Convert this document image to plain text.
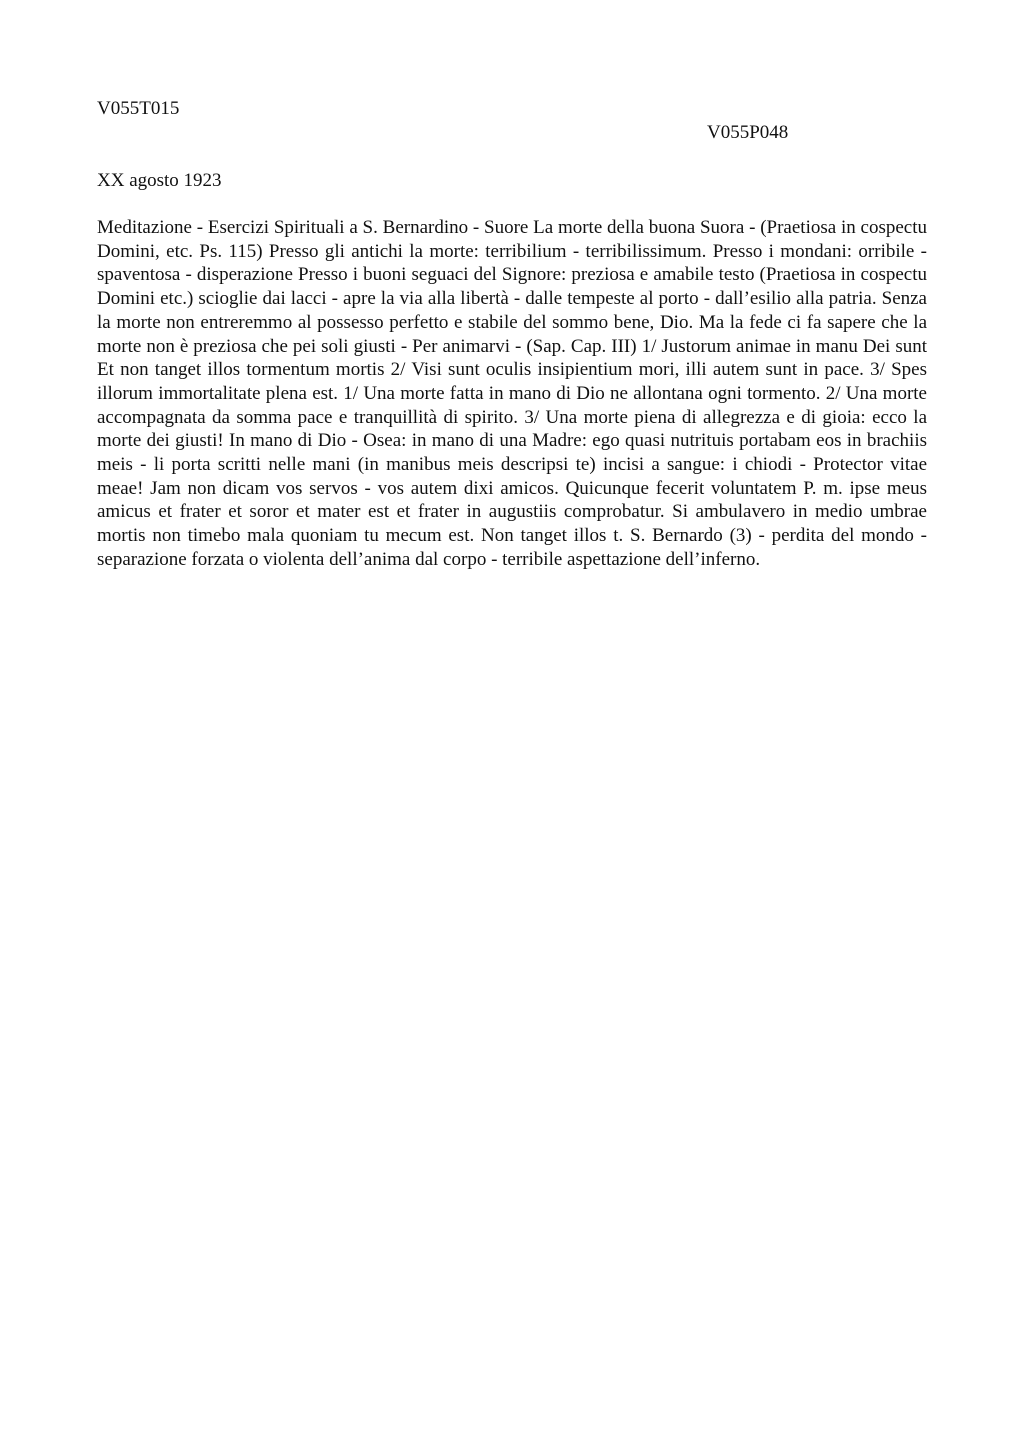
V055T015
V055P048
XX agosto 1923

Meditazione - Esercizi Spirituali a S. Bernardino - Suore La morte della buona Suora - (Praetiosa in cospectu Domini, etc. Ps. 115) Presso gli antichi la morte: terribilium - terribilissimum. Presso i mondani: orribile - spaventosa - disperazione Presso i buoni seguaci del Signore: preziosa e amabile testo (Praetiosa in cospectu Domini etc.) scioglie dai lacci - apre la via alla libertà - dalle tempeste al porto - dall’esilio alla patria. Senza la morte non entreremmo al possesso perfetto e stabile del sommo bene, Dio. Ma la fede ci fa sapere che la morte non è preziosa che pei soli giusti - Per animarvi - (Sap. Cap. III) 1/ Justorum animae in manu Dei sunt Et non tanget illos tormentum mortis 2/ Visi sunt oculis insipientium mori, illi autem sunt in pace. 3/ Spes illorum immortalitate plena est. 1/ Una morte fatta in mano di Dio ne allontana ogni tormento. 2/ Una morte accompagnata da somma pace e tranquillità di spirito. 3/ Una morte piena di allegrezza e di gioia: ecco la morte dei giusti! In mano di Dio - Osea: in mano di una Madre: ego quasi nutrituis portabam eos in brachiis meis - li porta scritti nelle mani (in manibus meis descripsi te) incisi a sangue: i chiodi - Protector vitae meae! Jam non dicam vos servos - vos autem dixi amicos. Quicunque fecerit voluntatem P. m. ipse meus amicus et frater et soror et mater est et frater in augustiis comprobatur. Si ambulavero in medio umbrae mortis non timebo mala quoniam tu mecum est. Non tanget illos t. S. Bernardo (3) - perdita del mondo - separazione forzata o violenta dell’anima dal corpo - terribile aspettazione dell’inferno.
